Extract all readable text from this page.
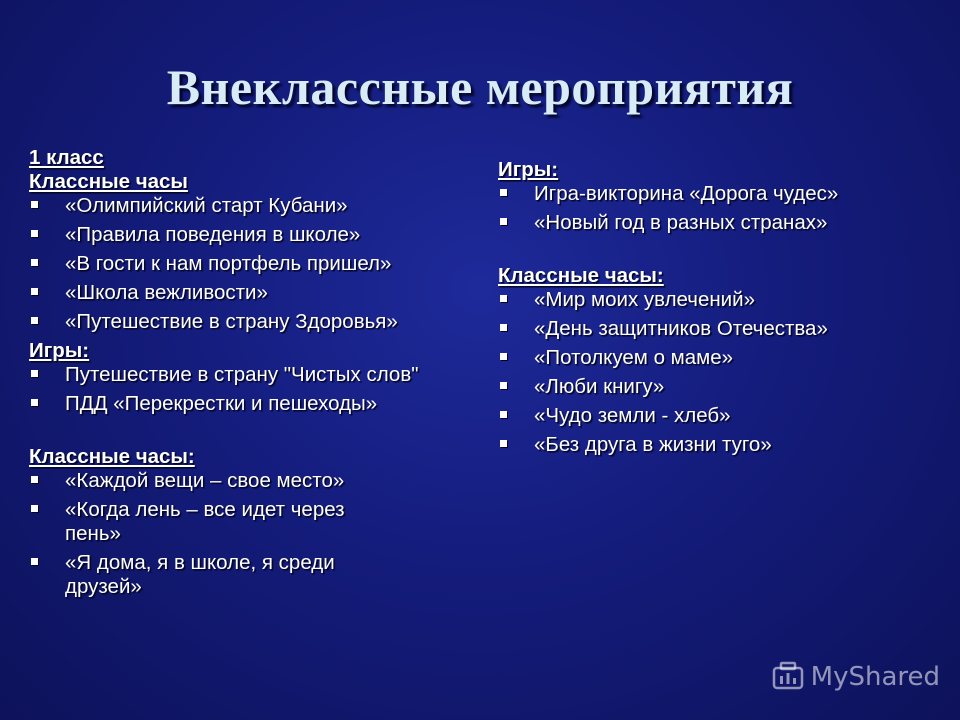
Внеклассные мероприятия
1 класс
Классные часы
«Олимпийский старт Кубани»
«Правила поведения в школе»
«В гости к нам портфель пришел»
«Школа вежливости»
«Путешествие в страну Здоровья»
Игры:
Путешествие в страну "Чистых слов"
ПДД «Перекрестки и пешеходы»
Классные часы:
«Каждой вещи – свое место»
«Когда лень – все идет через пень»
«Я дома, я в школе, я среди друзей»
Игры:
Игра-викторина «Дорога чудес»
«Новый год в разных странах»
Классные часы:
«Мир моих увлечений»
«День защитников Отечества»
«Потолкуем о маме»
«Люби книгу»
«Чудо земли - хлеб»
«Без друга в жизни туго»
MyShared
